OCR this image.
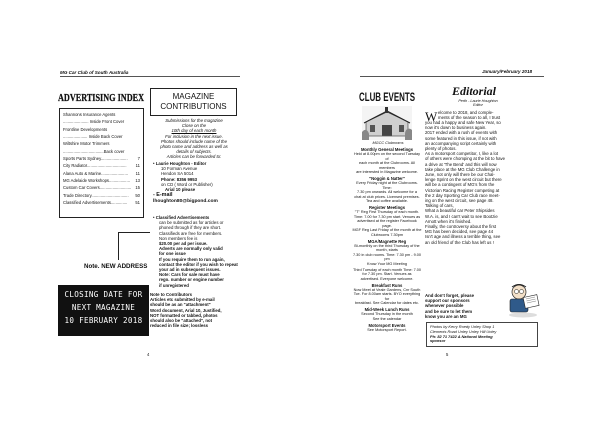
MG Car Club of South Australia	January/February 2018
ADVERTISING INDEX
Shannons Insurance Agents
...................... Inside Front Cover
Frontline Developments
..................... Inside Back Cover
Wiltshire Motor Trimmers
...................................Back cover
Sports Parts Sydney....................... 7
City Radiator.................................. 11
Alana Auto & Marine....................... 11
MG Adelaide Workshops.................. 13
Custom Car Covers........................... 15
Trade Directory................................ 50
Classified Advertisements.............. 51
Note. NEW ADDRESS
CLOSING DATE FOR
NEXT MAGAZINE
10 FEBRUARY 2018
MAGAZINE
CONTRIBUTIONS
Submissions for the magazine
Close on the
10th day of each month
For inclusion in the next issue.
Photos should include name of the
photo name and address as well as
details of subjects.
Articles can be forwarded to:
• Laurie Houghton - Editor
10 Forman Avenue
Hendon SA 5014
Phone: 8356 9953
on CD ( Word or Publisher)
Arial 10 please
- E-mail
lhoughton80@bigpond.com
• Classified Advertisements
can be submitted as for articles or
phoned through if they are short.
Classifieds are free for members.
Non members fee is
$20.00 per ad per issue.
Adverts are normally only valid
for one issue
If you require them to run again,
contact the editor if you wish to repeat
your ad in subsequent issues.
Note: Cars for sale must have
rego. number or engine number
if unregistered
Note to Contributors
Articles etc submitted by e-mail
should be as an "attachment"
Word document, Arial 10, Justified,
NOT formatted or tabbed, photos
should also be "attached", not
reduced in file size; lossless
4
CLUB EVENTS
MGCC Clubrooms
Monthly General Meetings
Held at 8.00pm on the second Tuesday of
each month at the Clubrooms. All members
are interested in Magazine welcome.
"Noggin & Natter"
Every Friday night at the Clubrooms. Time:
7.30 pm onwards. All welcome for a
chat at club prices. Licensed premises.
Tea and coffee available.
Register Meetings
"T" Reg First Thursday of each month.
Time: 7.00 for 7.30 pm start. Venues as
advertised at the register Facebook page.
MGF Reg Last Friday of the month at the
Clubrooms 7.30pm
MGA/Magnette Reg
Bi-monthly on the third Thursday of the month, starts
7.30 in club rooms. Time: 7.30 pm - 9.00 pm
Know Your MG Meeting
Third Tuesday of each month Time: 7.00
for 7.30 pm. Start. Venues as
advertised. Everyone welcome.
Breakfast Runs
Now Meet at Veale Gardens, Cnr South
Tce. For 8.00am starts. BYO everything for
breakfast. See Calendar for dates etc.
Mid-Week Lunch Runs
Second Thursday in the month
See the calendar
Motorsport Events
See Motorsport Report.
Editorial
Perth - Laurie Houghton
Editor
W elcome to 2018, and comple-
ments of the season to all, I trust
you had a happy and safe New Year, so
now it's down to business again.
2017 ended with a rush of events with
some featured in this issue, if not with
an accompanying script certainly with
plenty of photos.
As a motorsport competitor, I, like a lot
of others were chomping at the bit to have
a drive at 'The Bend' and this will now
take place at the MG Club Challenge in
June, not only will there be our Chal-
lenge Sprint on the west circuit but there
will be a contingent of MG's from the
Victorian Racing Register competing at
the 2 day Sporting Car Club race meet-
ing on the west circuit, see page 48.
Talking of cars,
What a beautiful car Peter Shipsides
W.A. is, and I can't wait to see Bootzie
Arnott when it's finished.
Finally, the controversy about the first
MG has been decided, see page 44
Isn't age and illness a terrible thing, see
an old friend of the Club has left us !
And don't forget, please
support our sponsors
whenever possible
and be sure to let them
know you are an MG
Photos by Kerry Roedy Unley Shop 1
Clements Road Unley Unley Hill Unley
Ph: 82 71 7422 A National Meeting
sponsor
5
